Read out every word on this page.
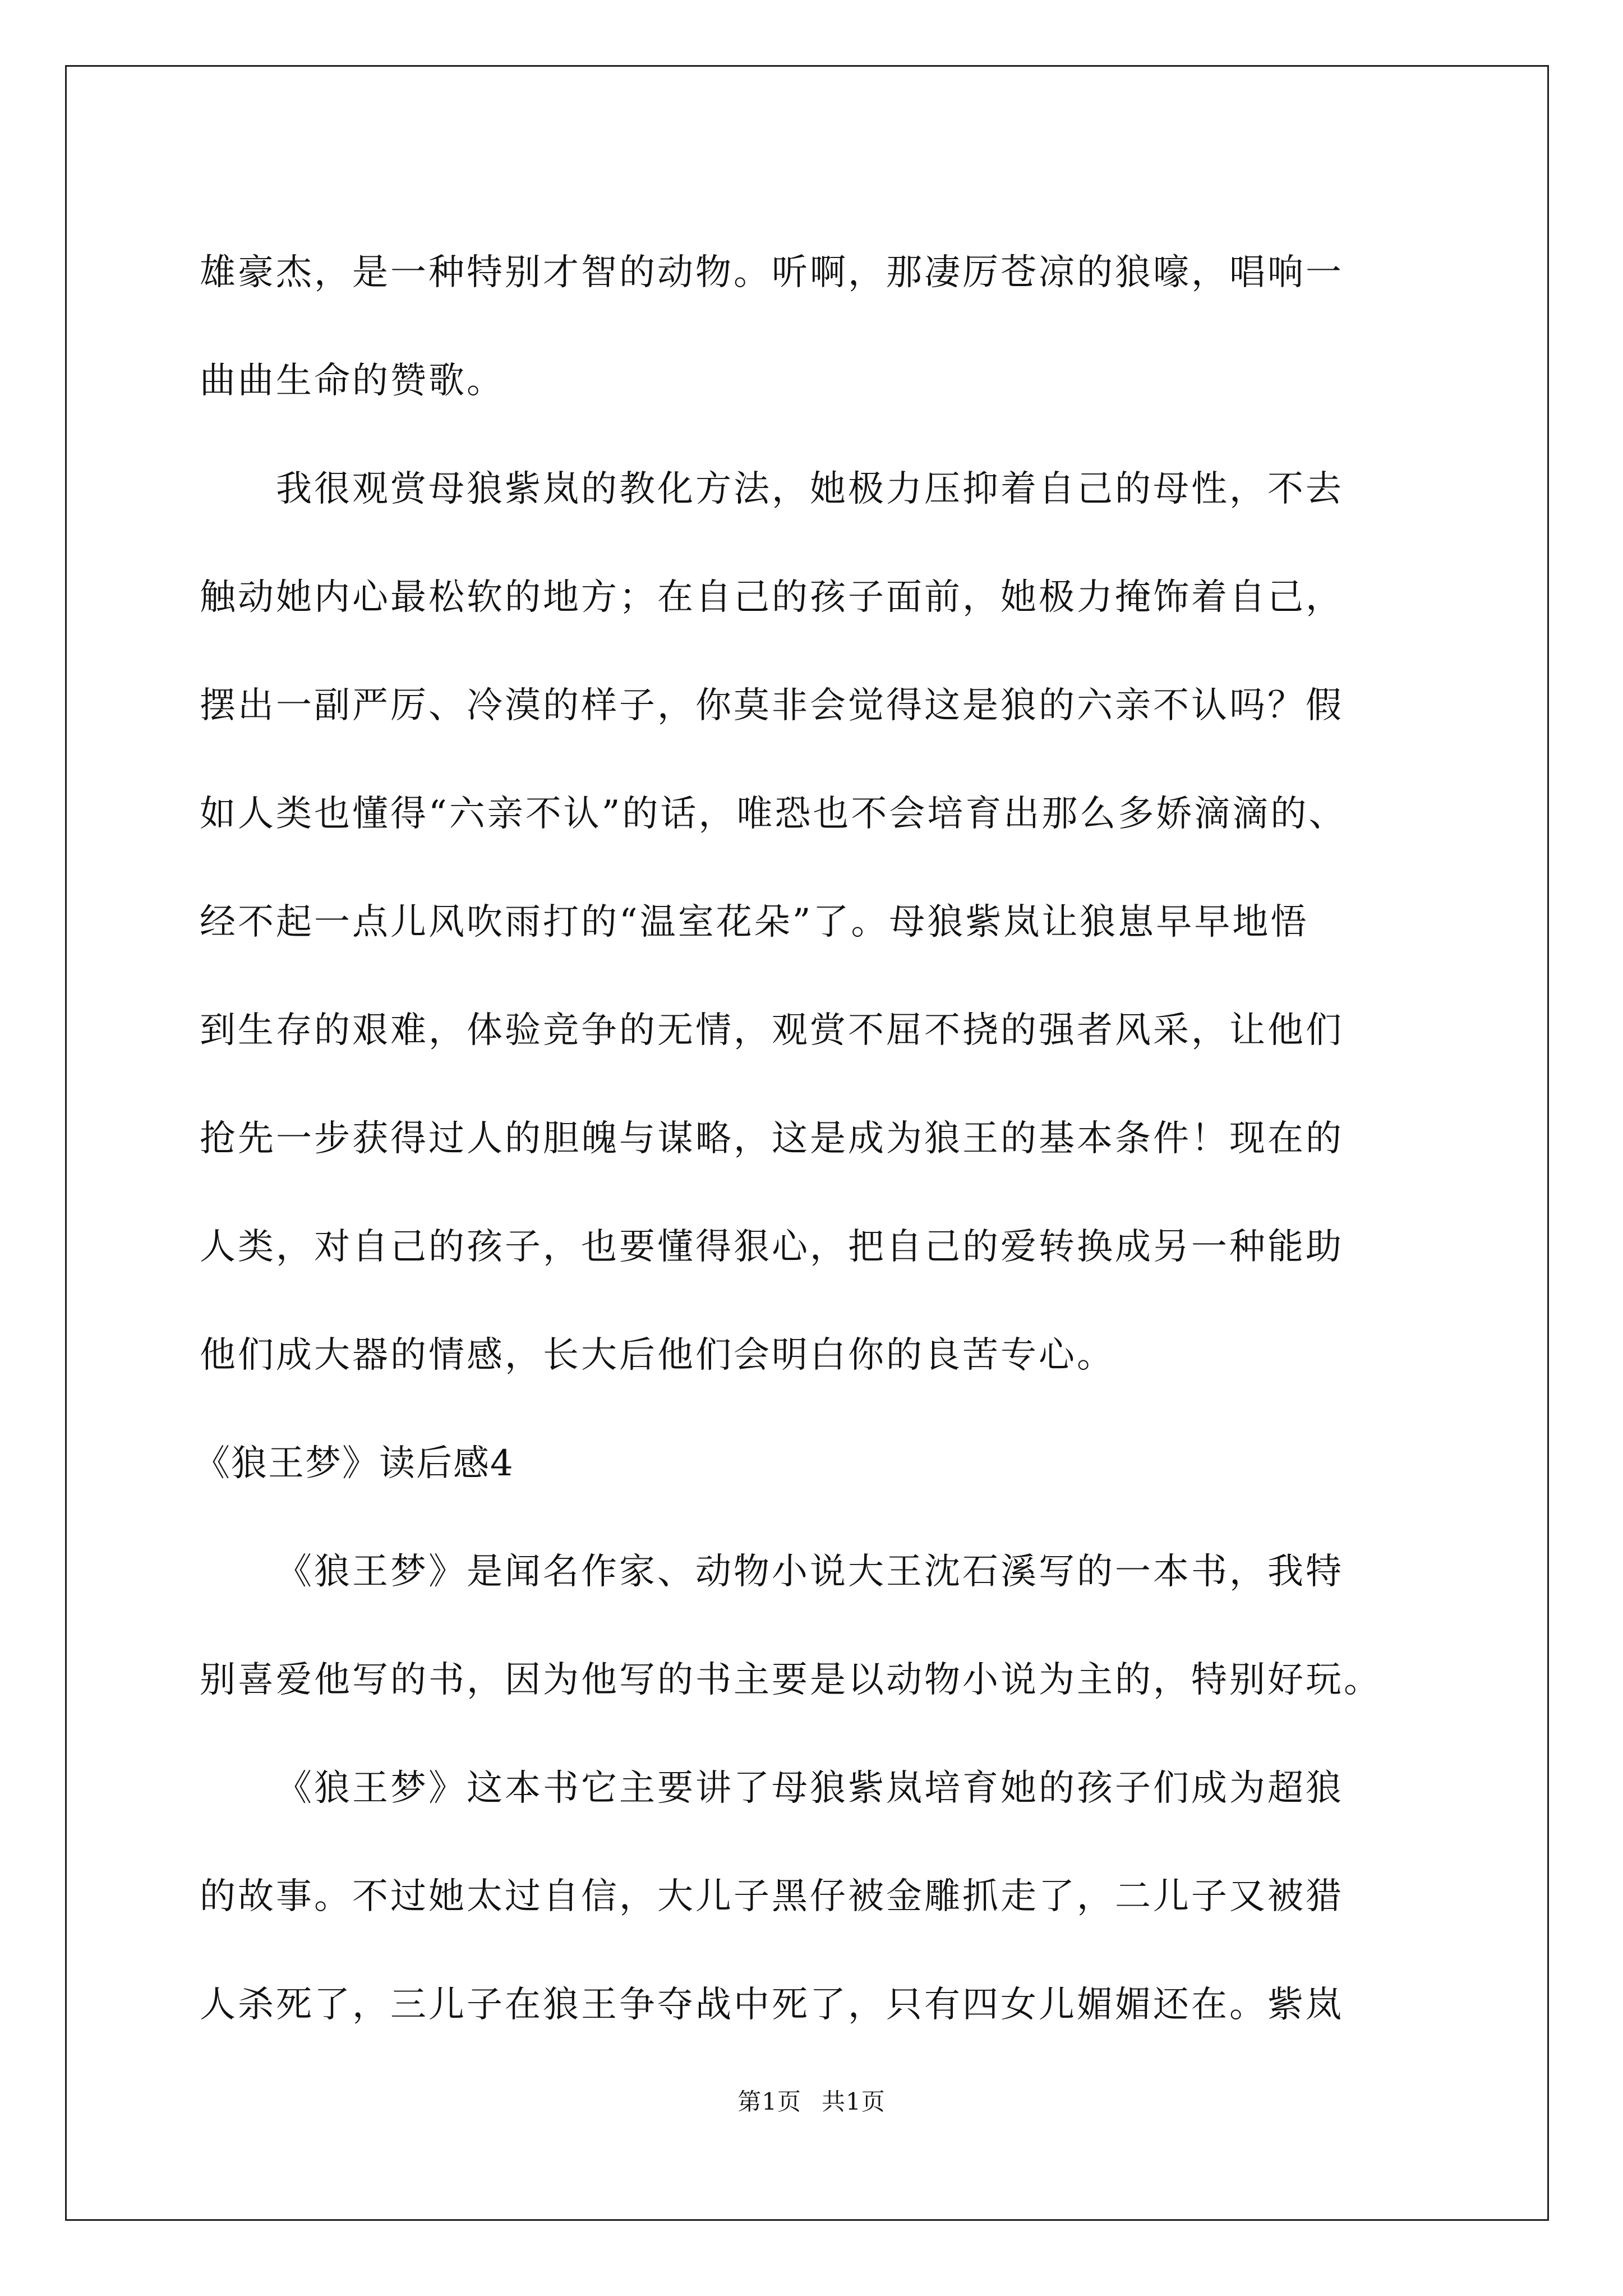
雄豪杰，是一种特别才智的动物。听啊，那凄厉苍凉的狼嚎，唱响一
曲曲生命的赞歌。
我很观赏母狼紫岚的教化方法，她极力压抑着自己的母性，不去
触动她内心最松软的地方；在自己的孩子面前，她极力掩饰着自己，
摆出一副严厉、冷漠的样子，你莫非会觉得这是狼的六亲不认吗？假
如人类也懂得“六亲不认”的话，唯恐也不会培育出那么多娇滴滴的、
经不起一点儿风吹雨打的“温室花朵”了。母狼紫岚让狼崽早早地悟
到生存的艰难，体验竞争的无情，观赏不屈不挠的强者风采，让他们
抢先一步获得过人的胆魄与谋略，这是成为狼王的基本条件！现在的
人类，对自己的孩子，也要懂得狠心，把自己的爱转换成另一种能助
他们成大器的情感，长大后他们会明白你的良苦专心。
《狼王梦》读后感4
《狼王梦》是闻名作家、动物小说大王沈石溪写的一本书，我特
别喜爱他写的书，因为他写的书主要是以动物小说为主的，特别好玩。
《狼王梦》这本书它主要讲了母狼紫岚培育她的孩子们成为超狼
的故事。不过她太过自信，大儿子黑仔被金雕抓走了，二儿子又被猎
人杀死了，三儿子在狼王争夺战中死了，只有四女儿媚媚还在。紫岚
第1页 共1页
